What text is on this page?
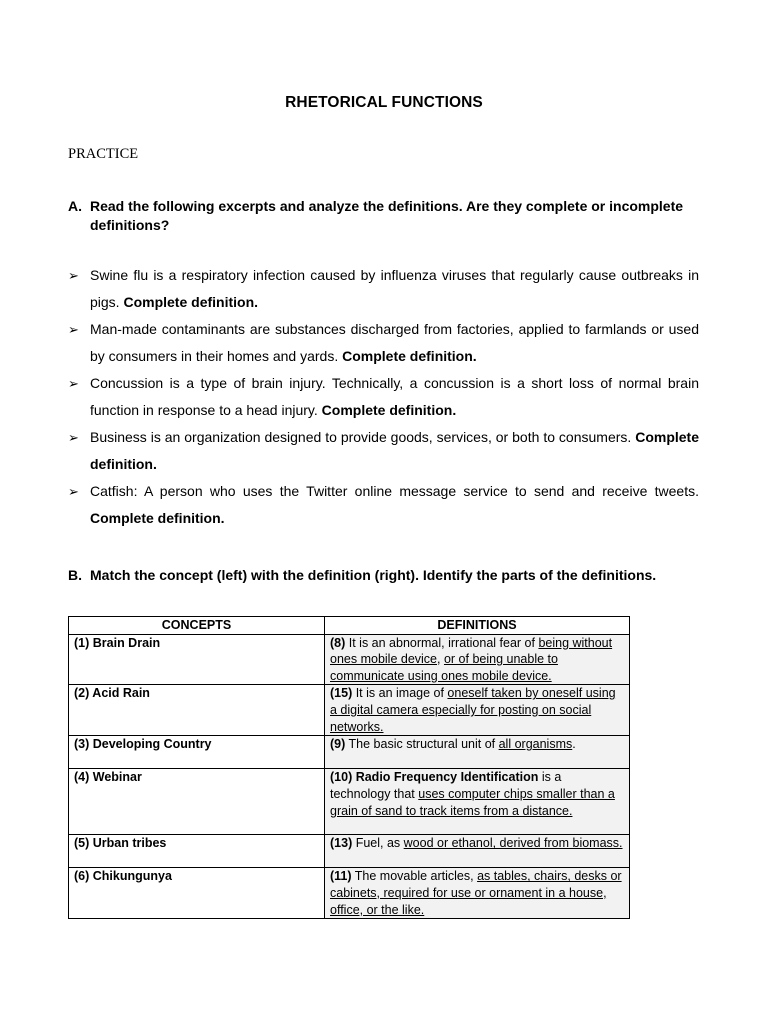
RHETORICAL FUNCTIONS
PRACTICE
A. Read the following excerpts and analyze the definitions. Are they complete or incomplete definitions?
➢ Swine flu is a respiratory infection caused by influenza viruses that regularly cause outbreaks in pigs. Complete definition.
➢ Man-made contaminants are substances discharged from factories, applied to farmlands or used by consumers in their homes and yards. Complete definition.
➢ Concussion is a type of brain injury. Technically, a concussion is a short loss of normal brain function in response to a head injury. Complete definition.
➢ Business is an organization designed to provide goods, services, or both to consumers. Complete definition.
➢ Catfish: A person who uses the Twitter online message service to send and receive tweets. Complete definition.
B. Match the concept (left) with the definition (right). Identify the parts of the definitions.
CONCEPTS	DEFINITIONS
(1) Brain Drain	(8) It is an abnormal, irrational fear of being without ones mobile device, or of being unable to communicate using ones mobile device.
(2) Acid Rain	(15) It is an image of oneself taken by oneself using a digital camera especially for posting on social networks.
(3) Developing Country	(9) The basic structural unit of all organisms.
(4) Webinar	(10) Radio Frequency Identification is a technology that uses computer chips smaller than a grain of sand to track items from a distance.
(5) Urban tribes	(13) Fuel, as wood or ethanol, derived from biomass.
(6) Chikungunya	(11) The movable articles, as tables, chairs, desks or cabinets, required for use or ornament in a house, office, or the like.
